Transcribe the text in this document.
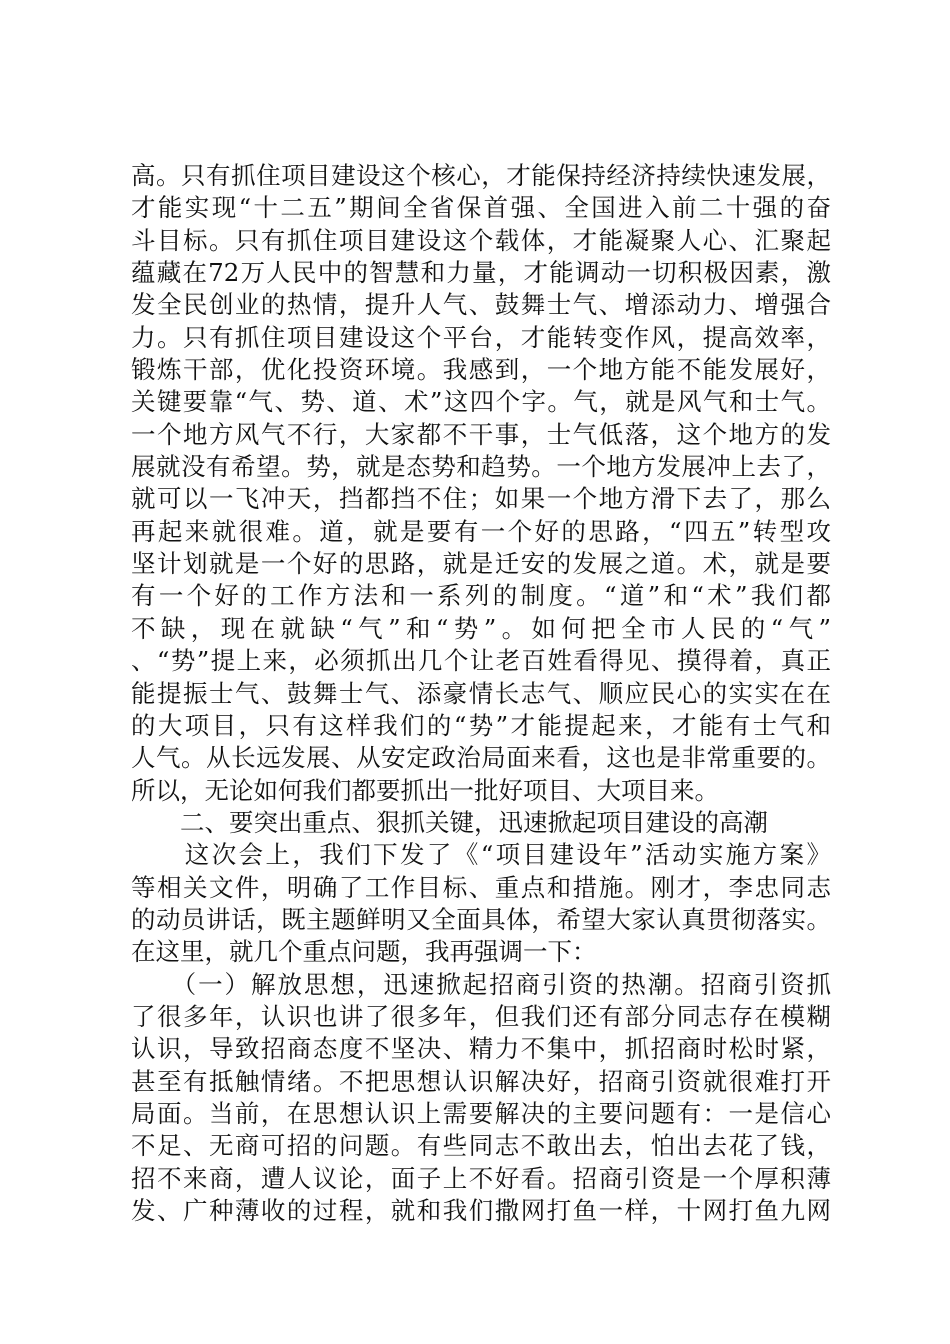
高。只有抓住项目建设这个核心，才能保持经济持续快速发展，
才能实现“十二五”期间全省保首强、全国进入前二十强的奋
斗目标。只有抓住项目建设这个载体，才能凝聚人心、汇聚起
蕴藏在72万人民中的智慧和力量，才能调动一切积极因素，激
发全民创业的热情，提升人气、鼓舞士气、增添动力、增强合
力。只有抓住项目建设这个平台，才能转变作风，提高效率，
锻炼干部，优化投资环境。我感到，一个地方能不能发展好，
关键要靠“气、势、道、术”这四个字。气，就是风气和士气。
一个地方风气不行，大家都不干事，士气低落，这个地方的发
展就没有希望。势，就是态势和趋势。一个地方发展冲上去了，
就可以一飞冲天，挡都挡不住；如果一个地方滑下去了，那么
再起来就很难。道，就是要有一个好的思路，“四五”转型攻
坚计划就是一个好的思路，就是迁安的发展之道。术，就是要
有一个好的工作方法和一系列的制度。“道”和“术”我们都
不缺，现在就缺“气”和“势”。如何把全市人民的“气”
、“势”提上来，必须抓出几个让老百姓看得见、摸得着，真正
能提振士气、鼓舞士气、添豪情长志气、顺应民心的实实在在
的大项目，只有这样我们的“势”才能提起来，才能有士气和
人气。从长远发展、从安定政治局面来看，这也是非常重要的。
所以，无论如何我们都要抓出一批好项目、大项目来。
　　二、要突出重点、狠抓关键，迅速掀起项目建设的高潮
　　这次会上，我们下发了《“项目建设年”活动实施方案》
等相关文件，明确了工作目标、重点和措施。刚才，李忠同志
的动员讲话，既主题鲜明又全面具体，希望大家认真贯彻落实。
在这里，就几个重点问题，我再强调一下：
　　（一）解放思想，迅速掀起招商引资的热潮。招商引资抓
了很多年，认识也讲了很多年，但我们还有部分同志存在模糊
认识，导致招商态度不坚决、精力不集中，抓招商时松时紧，
甚至有抵触情绪。不把思想认识解决好，招商引资就很难打开
局面。当前，在思想认识上需要解决的主要问题有：一是信心
不足、无商可招的问题。有些同志不敢出去，怕出去花了钱，
招不来商，遭人议论，面子上不好看。招商引资是一个厚积薄
发、广种薄收的过程，就和我们撒网打鱼一样，十网打鱼九网
